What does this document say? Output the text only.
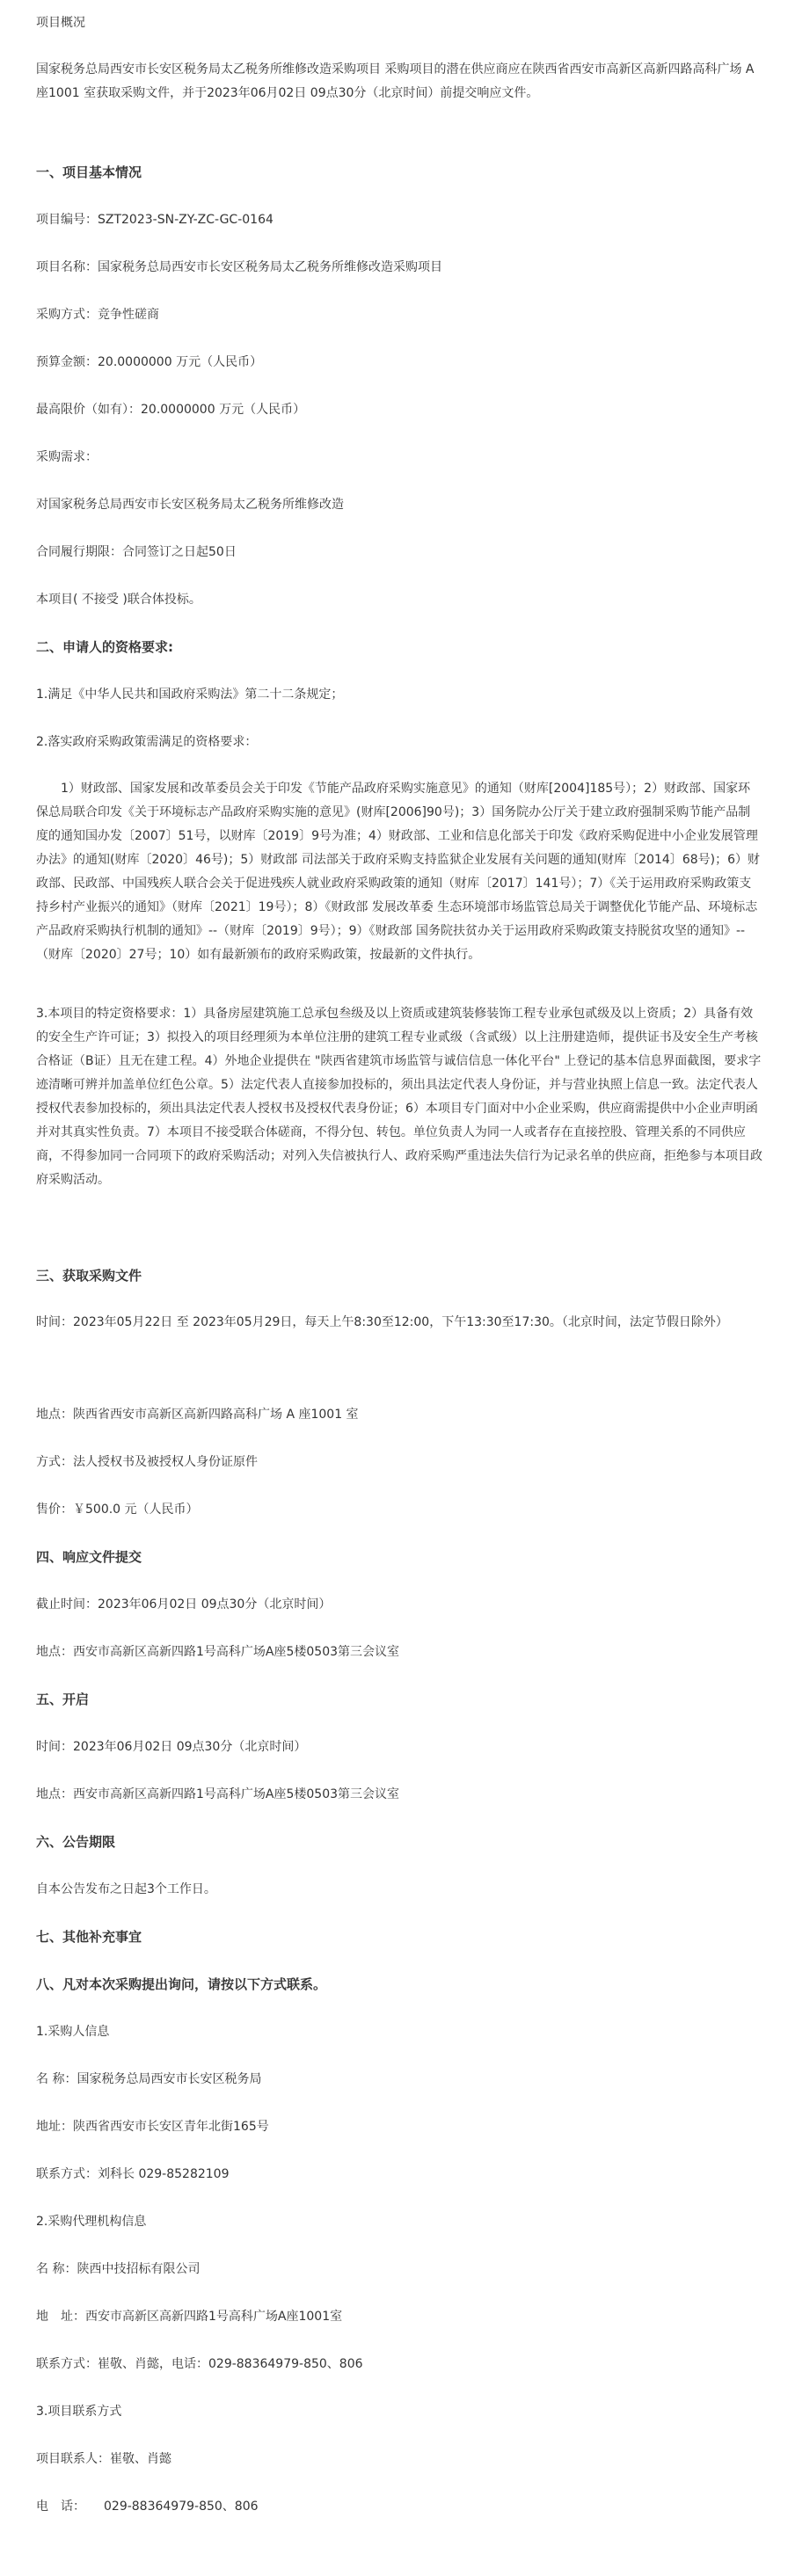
项目概况

国家税务总局西安市长安区税务局太乙税务所维修改造采购项目 采购项目的潜在供应商应在陕西省西安市高新区高新四路高科广场 A 座1001 室获取采购文件，并于2023年06月02日 09点30分（北京时间）前提交响应文件。

一、项目基本情况

项目编号：SZT2023-SN-ZY-ZC-GC-0164

项目名称：国家税务总局西安市长安区税务局太乙税务所维修改造采购项目

采购方式：竞争性磋商

预算金额：20.0000000 万元（人民币）

最高限价（如有）：20.0000000 万元（人民币）

采购需求：

对国家税务总局西安市长安区税务局太乙税务所维修改造

合同履行期限：合同签订之日起50日

本项目( 不接受 )联合体投标。

二、申请人的资格要求:

1.满足《中华人民共和国政府采购法》第二十二条规定；

2.落实政府采购政策需满足的资格要求：

1）财政部、国家发展和改革委员会关于印发《节能产品政府采购实施意见》的通知（财库[2004]185号）；2）财政部、国家环保总局联合印发《关于环境标志产品政府采购实施的意见》(财库[2006]90号)；3）国务院办公厅关于建立政府强制采购节能产品制度的通知国办发〔2007〕51号，以财库〔2019〕9号为准；4）财政部、工业和信息化部关于印发《政府采购促进中小企业发展管理办法》的通知(财库〔2020〕46号)；5）财政部 司法部关于政府采购支持监狱企业发展有关问题的通知(财库〔2014〕68号)；6）财政部、民政部、中国残疾人联合会关于促进残疾人就业政府采购政策的通知（财库〔2017〕141号）；7）《关于运用政府采购政策支持乡村产业振兴的通知》（财库〔2021〕19号）；8）《财政部 发展改革委 生态环境部市场监管总局关于调整优化节能产品、环境标志产品政府采购执行机制的通知》--（财库〔2019〕9号）；9）《财政部 国务院扶贫办关于运用政府采购政策支持脱贫攻坚的通知》--（财库〔2020〕27号；10）如有最新颁布的政府采购政策，按最新的文件执行。

3.本项目的特定资格要求：1）具备房屋建筑施工总承包叁级及以上资质或建筑装修装饰工程专业承包贰级及以上资质；2）具备有效的安全生产许可证；3）拟投入的项目经理须为本单位注册的建筑工程专业贰级（含贰级）以上注册建造师，提供证书及安全生产考核合格证（B证）且无在建工程。4）外地企业提供在 "陕西省建筑市场监管与诚信信息一体化平台" 上登记的基本信息界面截图，要求字迹清晰可辨并加盖单位红色公章。5）法定代表人直接参加投标的，须出具法定代表人身份证，并与营业执照上信息一致。法定代表人授权代表参加投标的，须出具法定代表人授权书及授权代表身份证；6）本项目专门面对中小企业采购，供应商需提供中小企业声明函并对其真实性负责。7）本项目不接受联合体磋商，不得分包、转包。单位负责人为同一人或者存在直接控股、管理关系的不同供应商，不得参加同一合同项下的政府采购活动；对列入失信被执行人、政府采购严重违法失信行为记录名单的供应商，拒绝参与本项目政府采购活动。

三、获取采购文件

时间：2023年05月22日 至 2023年05月29日，每天上午8:30至12:00，下午13:30至17:30。（北京时间，法定节假日除外）

地点：陕西省西安市高新区高新四路高科广场 A 座1001 室

方式：法人授权书及被授权人身份证原件

售价：￥500.0 元（人民币）

四、响应文件提交

截止时间：2023年06月02日 09点30分（北京时间）

地点：西安市高新区高新四路1号高科广场A座5楼0503第三会议室

五、开启

时间：2023年06月02日 09点30分（北京时间）

地点：西安市高新区高新四路1号高科广场A座5楼0503第三会议室

六、公告期限

自本公告发布之日起3个工作日。

七、其他补充事宜

八、凡对本次采购提出询问，请按以下方式联系。

1.采购人信息

名 称：国家税务总局西安市长安区税务局

地址：陕西省西安市长安区青年北街165号

联系方式：刘科长 029-85282109

2.采购代理机构信息

名 称：陕西中技招标有限公司

地　址：西安市高新区高新四路1号高科广场A座1001室

联系方式：崔敬、肖懿，电话：029-88364979-850、806

3.项目联系方式

项目联系人：崔敬、肖懿

电　话：　　029-88364979-850、806
